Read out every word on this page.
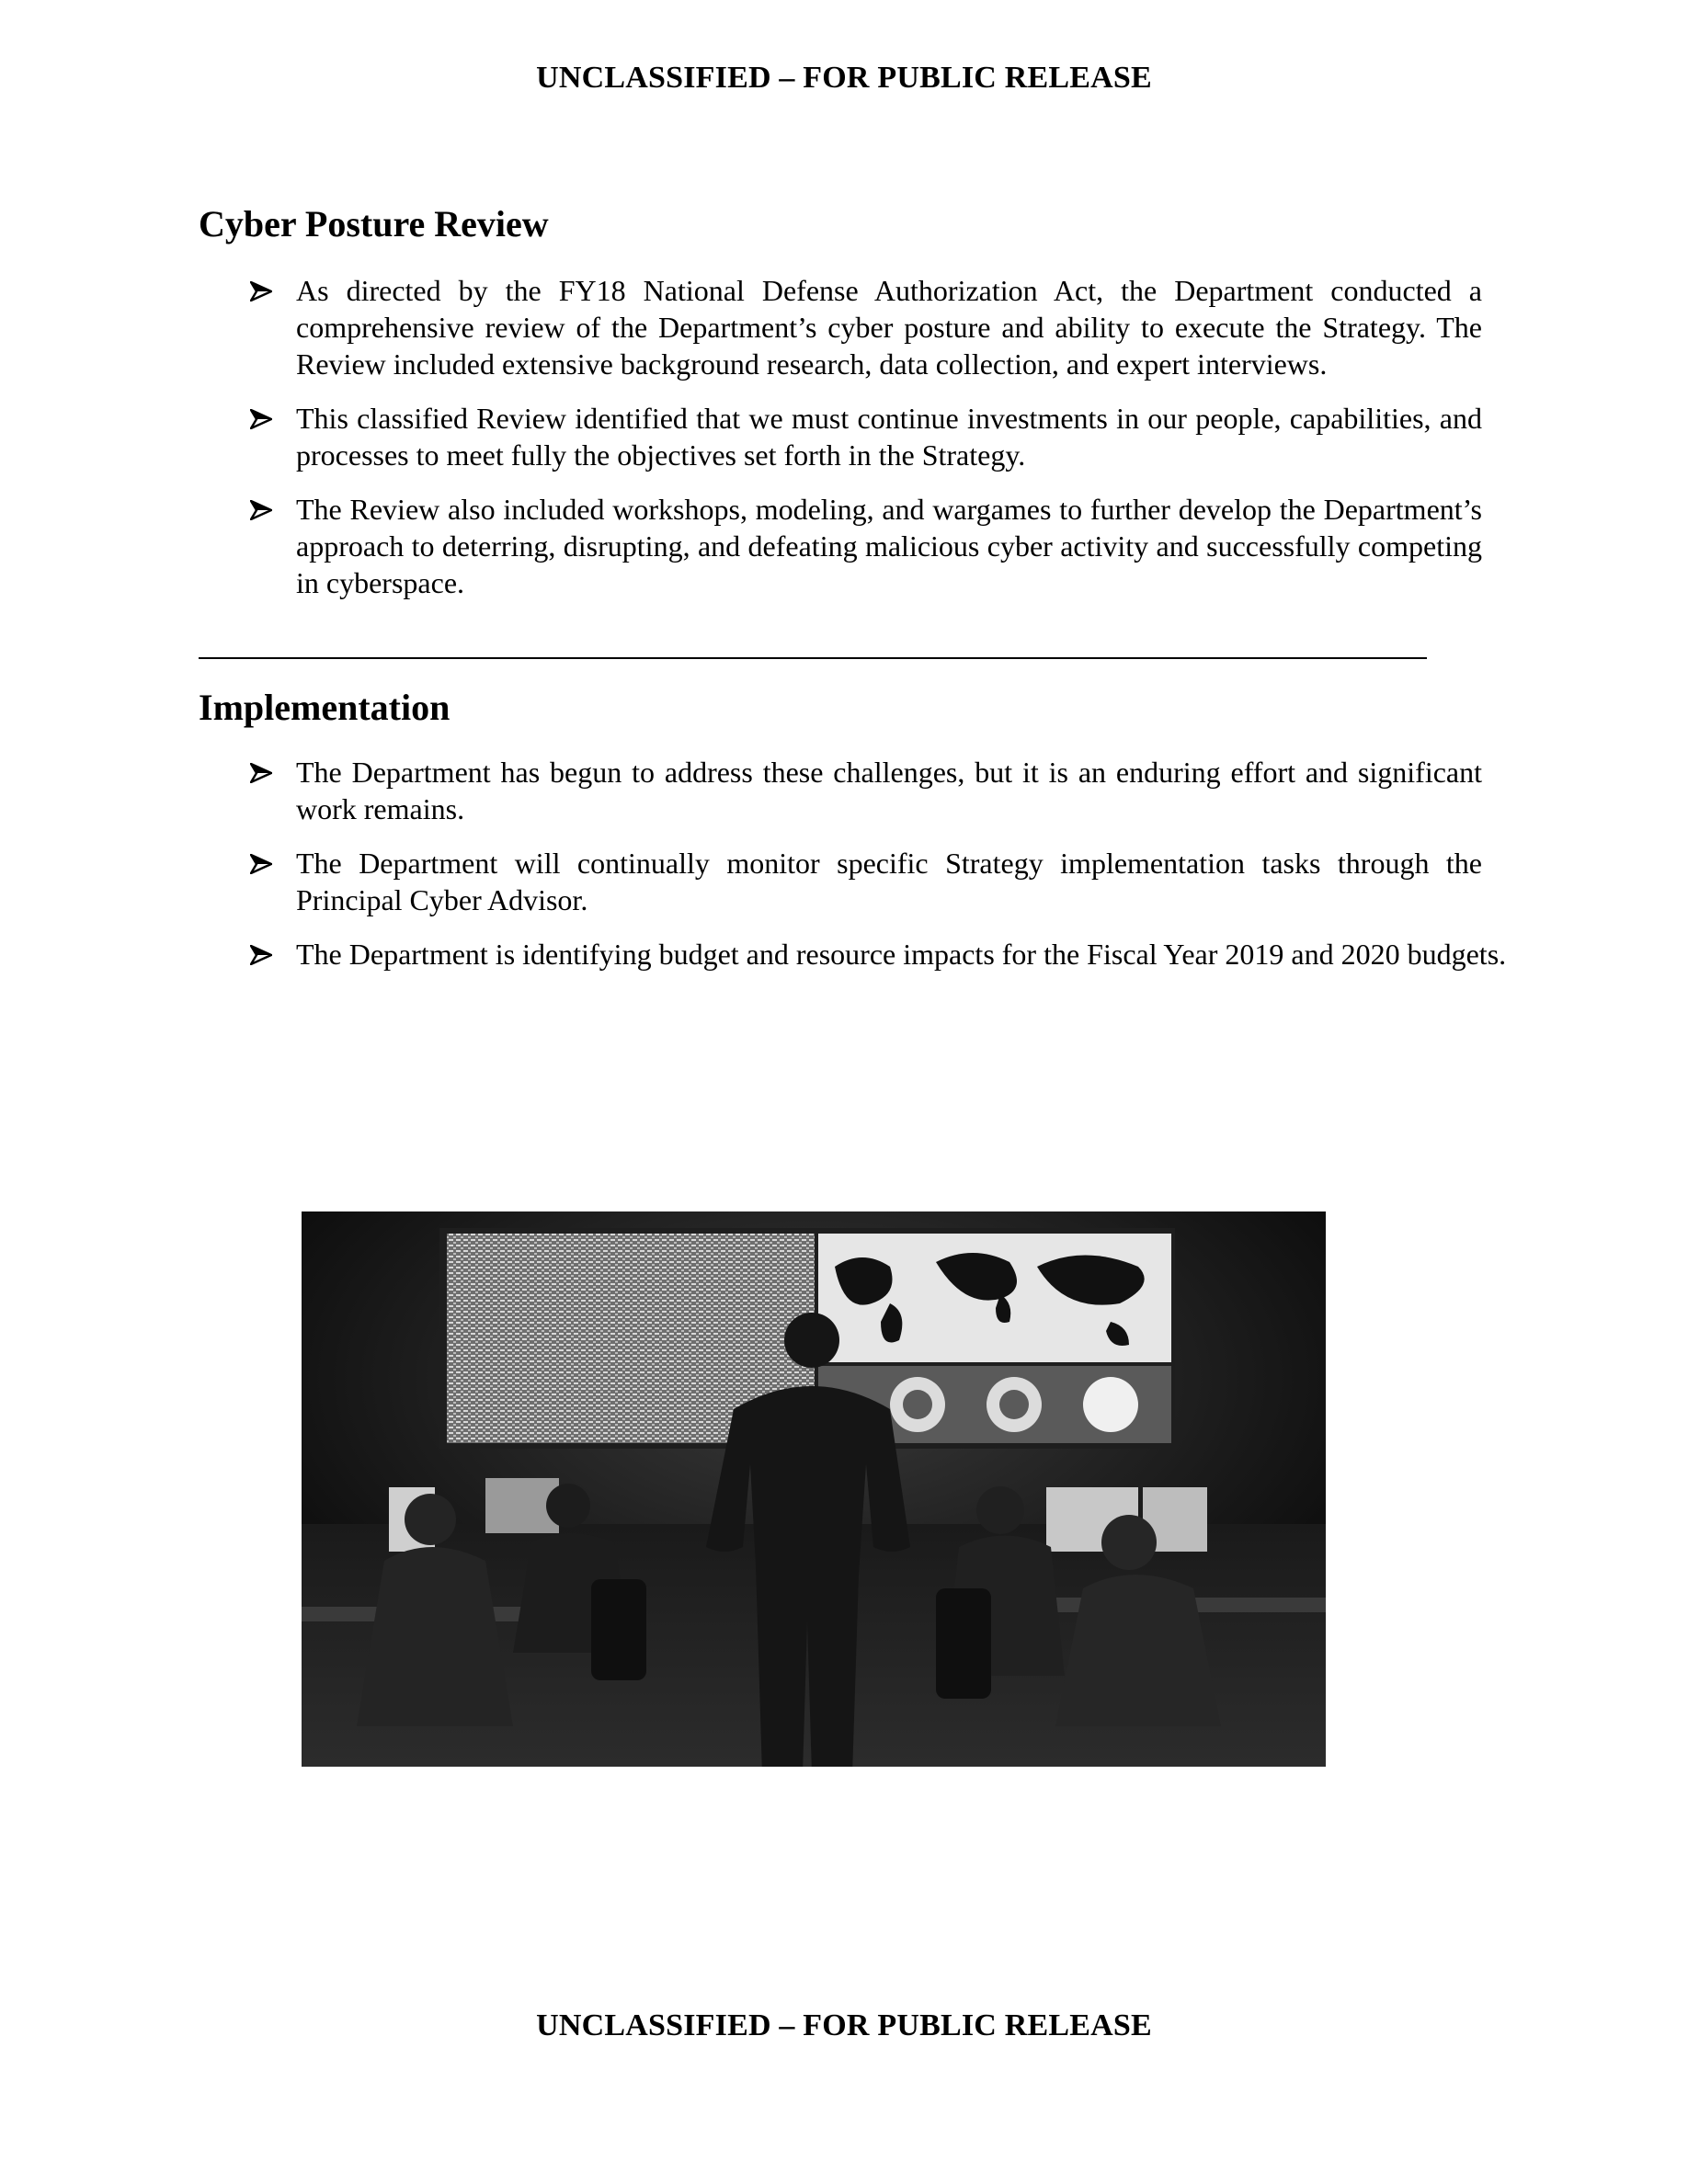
UNCLASSIFIED – FOR PUBLIC RELEASE
Cyber Posture Review
As directed by the FY18 National Defense Authorization Act, the Department conducted a comprehensive review of the Department’s cyber posture and ability to execute the Strategy. The Review included extensive background research, data collection, and expert interviews.
This classified Review identified that we must continue investments in our people, capabilities, and processes to meet fully the objectives set forth in the Strategy.
The Review also included workshops, modeling, and wargames to further develop the Department’s approach to deterring, disrupting, and defeating malicious cyber activity and successfully competing in cyberspace.
Implementation
The Department has begun to address these challenges, but it is an enduring effort and significant work remains.
The Department will continually monitor specific Strategy implementation tasks through the Principal Cyber Advisor.
The Department is identifying budget and resource impacts for the Fiscal Year 2019 and 2020 budgets.
UNCLASSIFIED – FOR PUBLIC RELEASE
